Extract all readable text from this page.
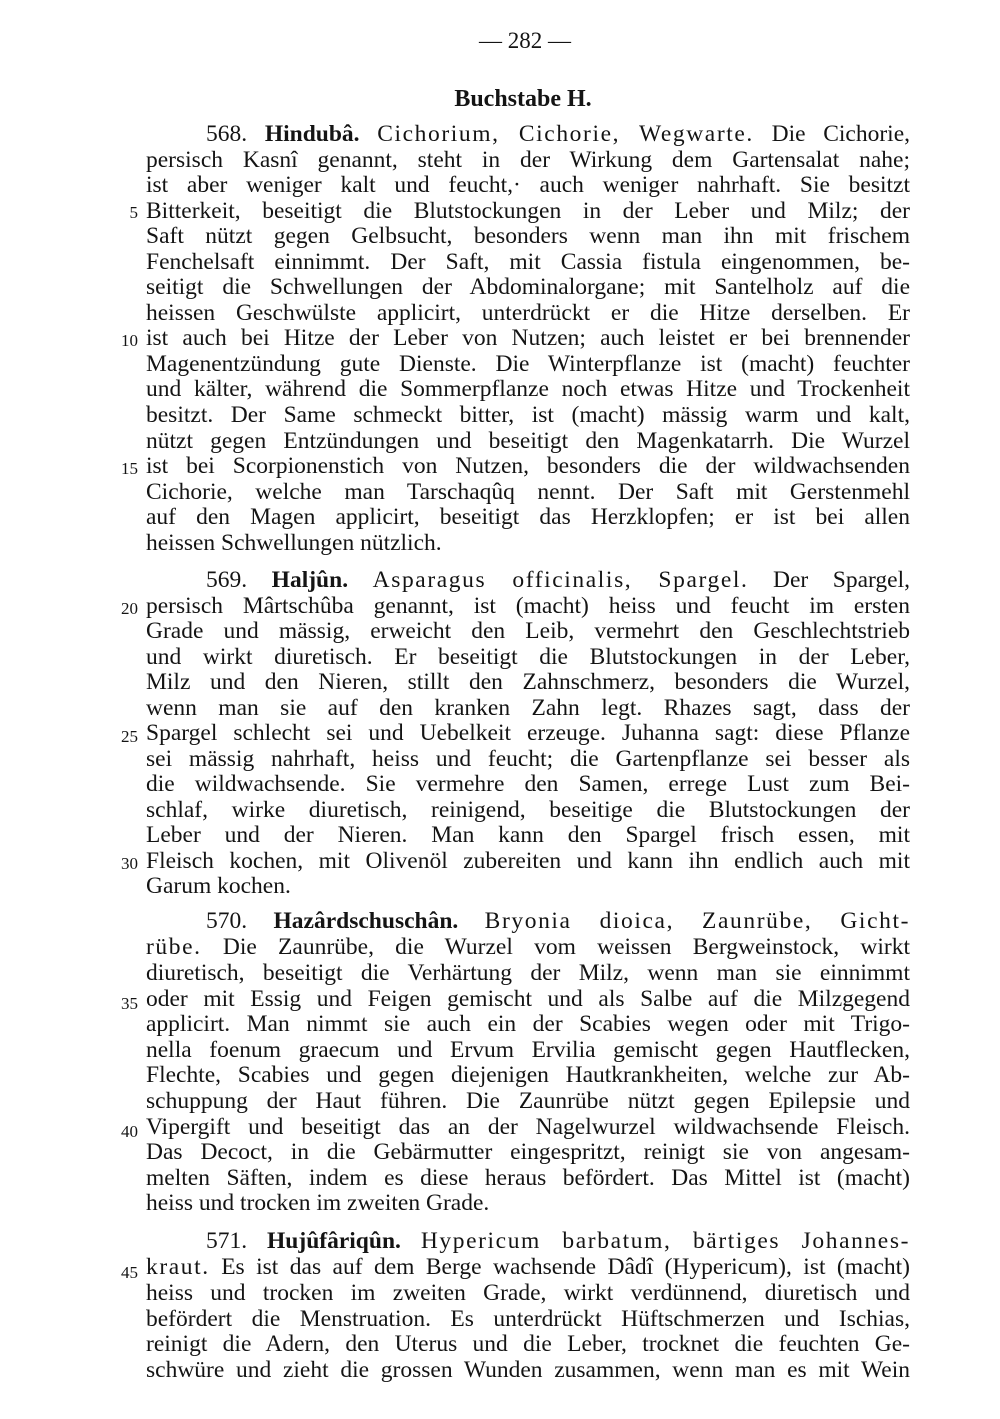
— 282 —
Buchstabe H.
5
10
15
20
25
30
35
40
45
568. Hindubâ. Cichorium, Cichorie, Wegwarte. Die Cichorie,
persisch Kasnî genannt, steht in der Wirkung dem Gartensalat nahe;
ist aber weniger kalt und feucht,· auch weniger nahrhaft. Sie besitzt
Bitterkeit, beseitigt die Blutstockungen in der Leber und Milz; der
Saft nützt gegen Gelbsucht, besonders wenn man ihn mit frischem
Fenchelsaft einnimmt. Der Saft, mit Cassia fistula eingenommen, be-
seitigt die Schwellungen der Abdominalorgane; mit Santelholz auf die
heissen Geschwülste applicirt, unterdrückt er die Hitze derselben. Er
ist auch bei Hitze der Leber von Nutzen; auch leistet er bei brennender
Magenentzündung gute Dienste. Die Winterpflanze ist (macht) feuchter
und kälter, während die Sommerpflanze noch etwas Hitze und Trockenheit
besitzt. Der Same schmeckt bitter, ist (macht) mässig warm und kalt,
nützt gegen Entzündungen und beseitigt den Magenkatarrh. Die Wurzel
ist bei Scorpionenstich von Nutzen, besonders die der wildwachsenden
Cichorie, welche man Tarschaqûq nennt. Der Saft mit Gerstenmehl
auf den Magen applicirt, beseitigt das Herzklopfen; er ist bei allen
heissen Schwellungen nützlich.
569. Haljûn. Asparagus officinalis, Spargel. Der Spargel,
persisch Mârtschûba genannt, ist (macht) heiss und feucht im ersten
Grade und mässig, erweicht den Leib, vermehrt den Geschlechtstrieb
und wirkt diuretisch. Er beseitigt die Blutstockungen in der Leber,
Milz und den Nieren, stillt den Zahnschmerz, besonders die Wurzel,
wenn man sie auf den kranken Zahn legt. Rhazes sagt, dass der
Spargel schlecht sei und Uebelkeit erzeuge. Juhanna sagt: diese Pflanze
sei mässig nahrhaft, heiss und feucht; die Gartenpflanze sei besser als
die wildwachsende. Sie vermehre den Samen, errege Lust zum Bei-
schlaf, wirke diuretisch, reinigend, beseitige die Blutstockungen der
Leber und der Nieren. Man kann den Spargel frisch essen, mit
Fleisch kochen, mit Olivenöl zubereiten und kann ihn endlich auch mit
Garum kochen.
570. Hazârdschuschân. Bryonia dioica, Zaunrübe, Gicht-
rübe. Die Zaunrübe, die Wurzel vom weissen Bergweinstock, wirkt
diuretisch, beseitigt die Verhärtung der Milz, wenn man sie einnimmt
oder mit Essig und Feigen gemischt und als Salbe auf die Milzgegend
applicirt. Man nimmt sie auch ein der Scabies wegen oder mit Trigo-
nella foenum graecum und Ervum Ervilia gemischt gegen Hautflecken,
Flechte, Scabies und gegen diejenigen Hautkrankheiten, welche zur Ab-
schuppung der Haut führen. Die Zaunrübe nützt gegen Epilepsie und
Vipergift und beseitigt das an der Nagelwurzel wildwachsende Fleisch.
Das Decoct, in die Gebärmutter eingespritzt, reinigt sie von angesam-
melten Säften, indem es diese heraus befördert. Das Mittel ist (macht)
heiss und trocken im zweiten Grade.
571. Hujûfâriqûn. Hypericum barbatum, bärtiges Johannes-
kraut. Es ist das auf dem Berge wachsende Dâdî (Hypericum), ist (macht)
heiss und trocken im zweiten Grade, wirkt verdünnend, diuretisch und
befördert die Menstruation. Es unterdrückt Hüftschmerzen und Ischias,
reinigt die Adern, den Uterus und die Leber, trocknet die feuchten Ge-
schwüre und zieht die grossen Wunden zusammen, wenn man es mit Wein
